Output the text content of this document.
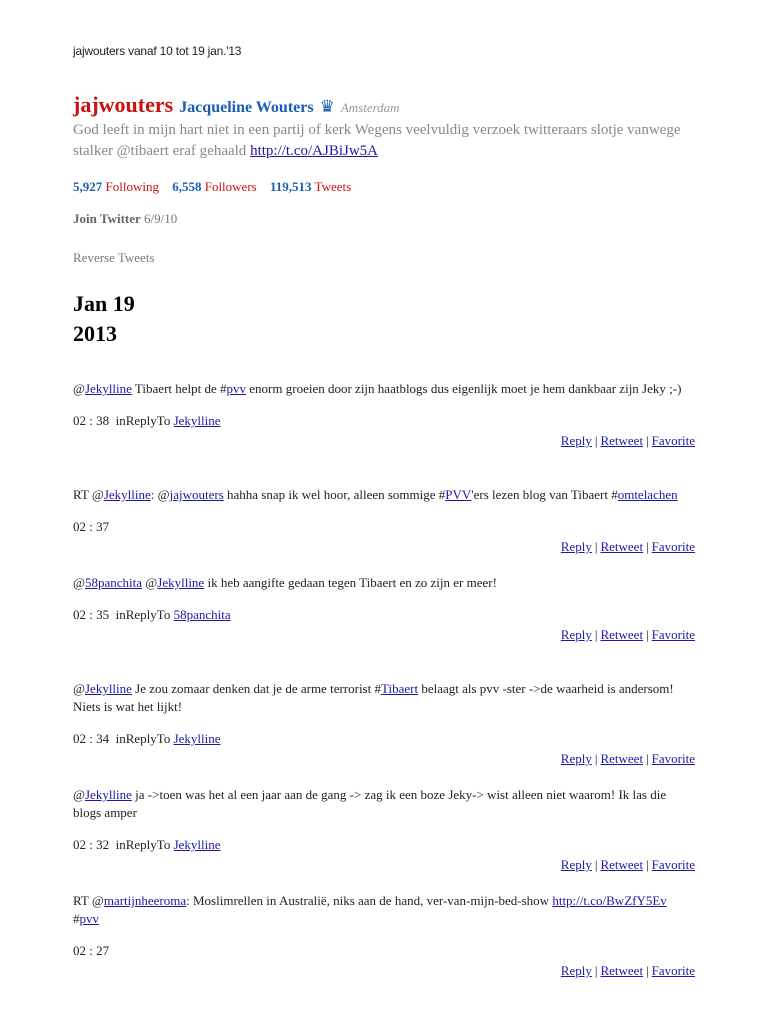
jajwouters vanaf 10 tot 19 jan.'13
jajwouters Jacqueline Wouters ♛ Amsterdam
God leeft in mijn hart niet in een partij of kerk Wegens veelvuldig verzoek twitteraars slotje vanwege stalker @tibaert eraf gehaald http://t.co/AJBiJw5A
5,927 Following 6,558 Followers 119,513 Tweets
Join Twitter 6/9/10
Reverse Tweets
Jan 19
2013
@Jekylline Tibaert helpt de #pvv enorm groeien door zijn haatblogs dus eigenlijk moet je hem dankbaar zijn Jeky ;-)
02 : 38 inReplyTo Jekylline
Reply | Retweet | Favorite
RT @Jekylline: @jajwouters hahha snap ik wel hoor, alleen sommige #PVV'ers lezen blog van Tibaert #omtelachen
02 : 37
Reply | Retweet | Favorite
@58panchita @Jekylline ik heb aangifte gedaan tegen Tibaert en zo zijn er meer!
02 : 35 inReplyTo 58panchita
Reply | Retweet | Favorite
@Jekylline Je zou zomaar denken dat je de arme terrorist #Tibaert belaagt als pvv -ster ->de waarheid is andersom! Niets is wat het lijkt!
02 : 34 inReplyTo Jekylline
Reply | Retweet | Favorite
@Jekylline ja ->toen was het al een jaar aan de gang -> zag ik een boze Jeky-> wist alleen niet waarom! Ik las die blogs amper
02 : 32 inReplyTo Jekylline
Reply | Retweet | Favorite
RT @martijnheeroma: Moslimrellen in Australië, niks aan de hand, ver-van-mijn-bed-show http://t.co/BwZfY5Ev #pvv
02 : 27
Reply | Retweet | Favorite
